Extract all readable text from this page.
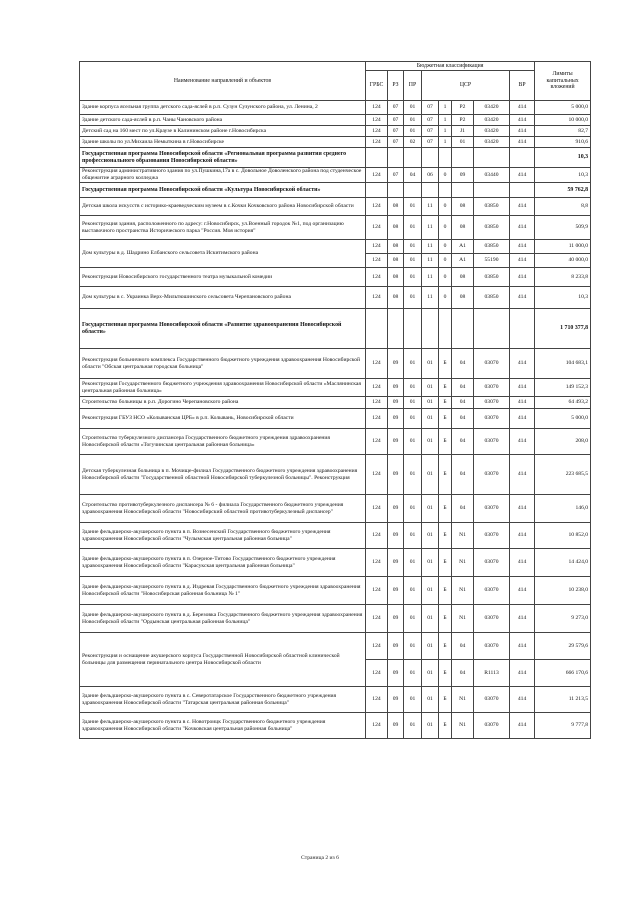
Наименование направлений и объектов	Бюджетная классификация								Лимиты капитальных вложений
	ГРБС	РЗ	ПР	ЦСР				ВР	
Здание корпуса ясельная группа детского сада-яслей в р.п. Сузун Сузунского района, ул. Ленина, 2	124	07	01	07	1	P2	03420	414	5 000,0
Здание детского сада-яслей в р.п. Чаны Чановского района	124	07	01	07	1	P2	03420	414	10 000,0
Детский сад на 160 мест по ул.Краузе в Калининском районе г.Новосибирска	124	07	01	07	1	J1	03420	414	82,7
Здание школы по ул.Михаила Немыткина в г.Новосибирске	124	07	02	07	1	01	03420	414	910,6
Государственная программа Новосибирской области «Региональная программа развития среднего профессионального образования Новосибирской области»									10,3
Реконструкция административного здания по ул.Пушкина,17а в с. Довольное Доволенского района под студенческое общежитие аграрного колледжа	124	07	04	06	0	09	03440	414	10,3
Государственная программа Новосибирской области «Культура Новосибирской области»									59 762,8
Детская школа искусств с историко-краеведческим музеем в с.Кочки Кочковского района Новосибирской области	124	08	01	11	0	08	03850	414	8,8
Реконструкция здания, расположенного по адресу: г.Новосибирск, ул.Военный городок №1, под организацию выставочного пространства Исторического парка "Россия. Моя история"	124	08	01	11	0	08	03850	414	509,9
Дом культуры в д. Шадрино Елбанского сельсовета Искитимского района	124	08	01	11	0	A1	03850	414	11 000,0
	124	08	01	11	0	A1	55190	414	40 000,0
Реконструкция Новосибирского государственного театра музыкальной комедии	124	08	01	11	0	08	03850	414	8 233,8
Дом культуры в с. Украинка Верх-Мильтюшинского сельсовета Черепановского района	124	08	01	11	0	08	03850	414	10,3
Государственная программа Новосибирской области «Развитие здравоохранения Новосибирской области»									1 710 377,8
Реконструкция больничного комплекса Государственного бюджетного учреждения здравоохранения Новосибирской области "Обская центральная городская больница"	124	09	01	01	Б	04	03070	414	104 683,1
Реконструкция Государственного бюджетного учреждения здравоохранения Новосибирской области «Маслянинская центральная районная больница»	124	09	01	01	Б	04	03070	414	149 152,3
Строительство больницы в р.п. Дорогино Черепановского района	124	09	01	01	Б	04	03070	414	64 493,2
Реконструкция ГБУЗ НСО «Колыванская ЦРБ» в р.п. Колывань, Новосибирской области	124	09	01	01	Б	04	03070	414	5 000,0
Строительство туберкулезного диспансера Государственного бюджетного учреждения здравоохранения Новосибирской области «Тогучинская центральная районная больница»	124	09	01	01	Б	04	03070	414	208,0
Детская туберкулезная больница в п. Мочище-филиал Государственного бюджетного учреждения здравоохранения Новосибирской области "Государственной областной Новосибирской туберкулезной больницы". Реконструкция	124	09	01	01	Б	04	03070	414	223 685,5
Строительство противотуберкулезного диспансера № 6 - филиала Государственного бюджетного учреждения здравоохранения Новосибирской области "Новосибирский областной противотуберкулезный диспансер"	124	09	01	01	Б	04	03070	414	146,0
Здание фельдшерско-акушерского пункта в п. Вознесенский Государственного бюджетного учреждения здравоохранения Новосибирской области "Чулымская центральная районная больница"	124	09	01	01	Б	N1	03070	414	10 852,0
Здание фельдшерско-акушерского пункта в п. Озерное-Титово Государственного бюджетного учреждения здравоохранения Новосибирской области "Карасукская центральная районная больница"	124	09	01	01	Б	N1	03070	414	14 424,0
Здание фельдшерско-акушерского пункта в д. Издревая Государственного бюджетного учреждения здравоохранения Новосибирской области "Новосибирская районная больница № 1"	124	09	01	01	Б	N1	03070	414	10 238,0
Здание фельдшерско-акушерского пункта в д. Березовка Государственного бюджетного учреждения здравоохранения Новосибирской области "Ордынская центральная районная больница"	124	09	01	01	Б	N1	03070	414	9 273,0
Реконструкция и оснащение акушерского корпуса Государственной Новосибирской областной клинической больницы для размещения перинатального центра Новосибирской области	124	09	01	01	Б	04	03070	414	29 579,6
	124	09	01	01	Б	04	R1113	414	666 170,6
Здание фельдшерско-акушерского пункта в с. Северотатарское Государственного бюджетного учреждения здравоохранения Новосибирской области "Татарская центральная районная больница"	124	09	01	01	Б	N1	03070	414	11 213,5
Здание фельдшерско-акушерского пункта в с. Новотроицк Государственного бюджетного учреждения здравоохранения Новосибирской области "Кочковская центральная районная больница"	124	09	01	01	Б	N1	03070	414	9 777,8
Страница 2 из 6
